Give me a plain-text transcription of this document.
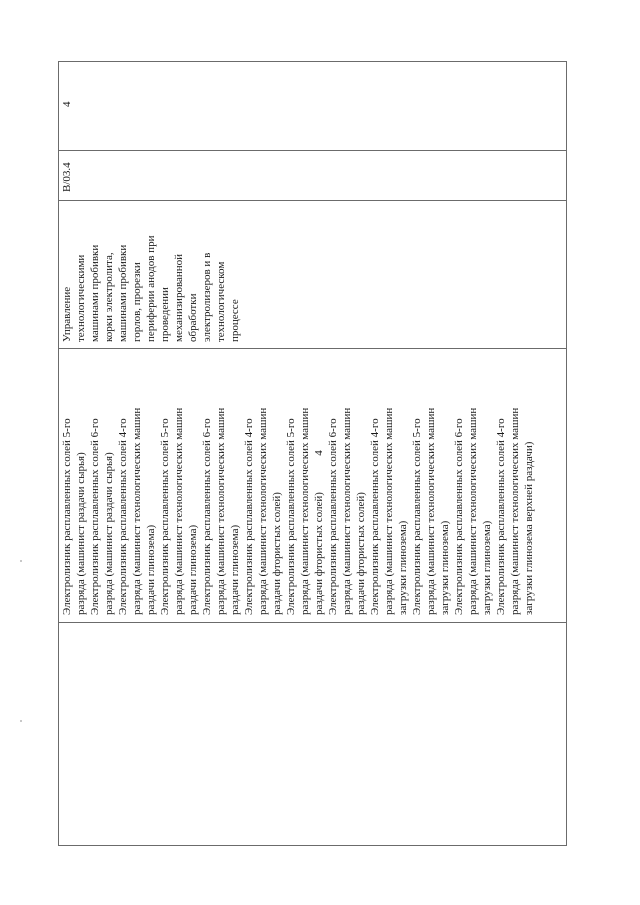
4
4
B/03.4
Управление технологическими машинами пробивки корки электролита, машинами пробивки горлов, прорезки периферии анодов при проведении механизированной обработки электролизеров и в технологическом процессе
Электролизник расплавленных солей 5-го разряда (машинист раздачи сырья) Электролизник расплавленных солей 6-го разряда (машинист раздачи сырья) Электролизник расплавленных солей 4-го разряда (машинист технологических машин раздачи глинозема) Электролизник расплавленных солей 5-го разряда (машинист технологических машин раздачи глинозема) Электролизник расплавленных солей 6-го разряда (машинист технологических машин раздачи глинозема) Электролизник расплавленных солей 4-го разряда (машинист технологических машин раздачи фтористых солей) Электролизник расплавленных солей 5-го разряда (машинист технологических машин раздачи фтористых солей) Электролизник расплавленных солей 6-го разряда (машинист технологических машин раздачи фтористых солей) Электролизник расплавленных солей 4-го разряда (машинист технологических машин загрузки глинозема) Электролизник расплавленных солей 5-го разряда (машинист технологических машин загрузки глинозема) Электролизник расплавленных солей 6-го разряда (машинист технологических машин загрузки глинозема) Электролизник расплавленных солей 4-го разряда (машинист технологических машин загрузки глинозема верхней раздачи)
